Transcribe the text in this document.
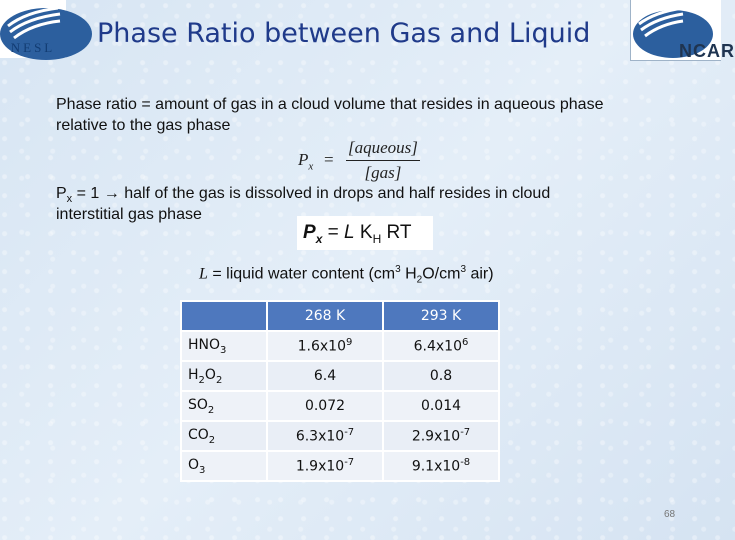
NESL	NCAR
Phase Ratio between Gas and Liquid
Phase ratio = amount of gas in a cloud volume that resides in aqueous phase
relative to the gas phase
$P_x$ =
[aqueous]
[gas]
$P_x = 1$ → half of the gas is dissolved in drops and half resides in cloud
interstitial gas phase
$P_x = L$ $K_H$ RT
L = liquid water content ($cm^3$ $H_2O/cm^3$ air)
	268 K	293 K
$HNO_3$	$1.6x10^9$	$6.4x10^6$
$H_2O_2$	6.4	0.8
$SO_2$	0.072	0.014
$CO_2$	$6.3x10^{-7}$	$2.9x10^{-7}$
$O_3$	$1.9x10^{-7}$	$9.1x10^{-8}$
68
